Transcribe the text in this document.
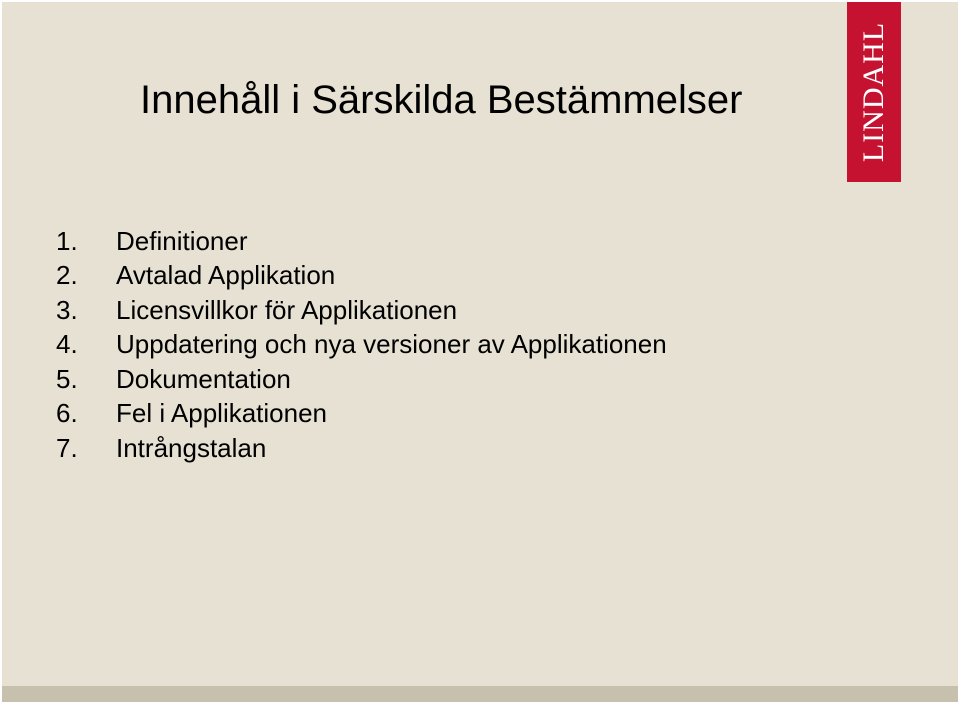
Innehåll i Särskilda Bestämmelser	LINDAHL
1.	Definitioner
2.	Avtalad Applikation
3.	Licensvillkor för Applikationen
4.	Uppdatering och nya versioner av Applikationen
5.	Dokumentation
6.	Fel i Applikationen
7.	Intrångstalan
